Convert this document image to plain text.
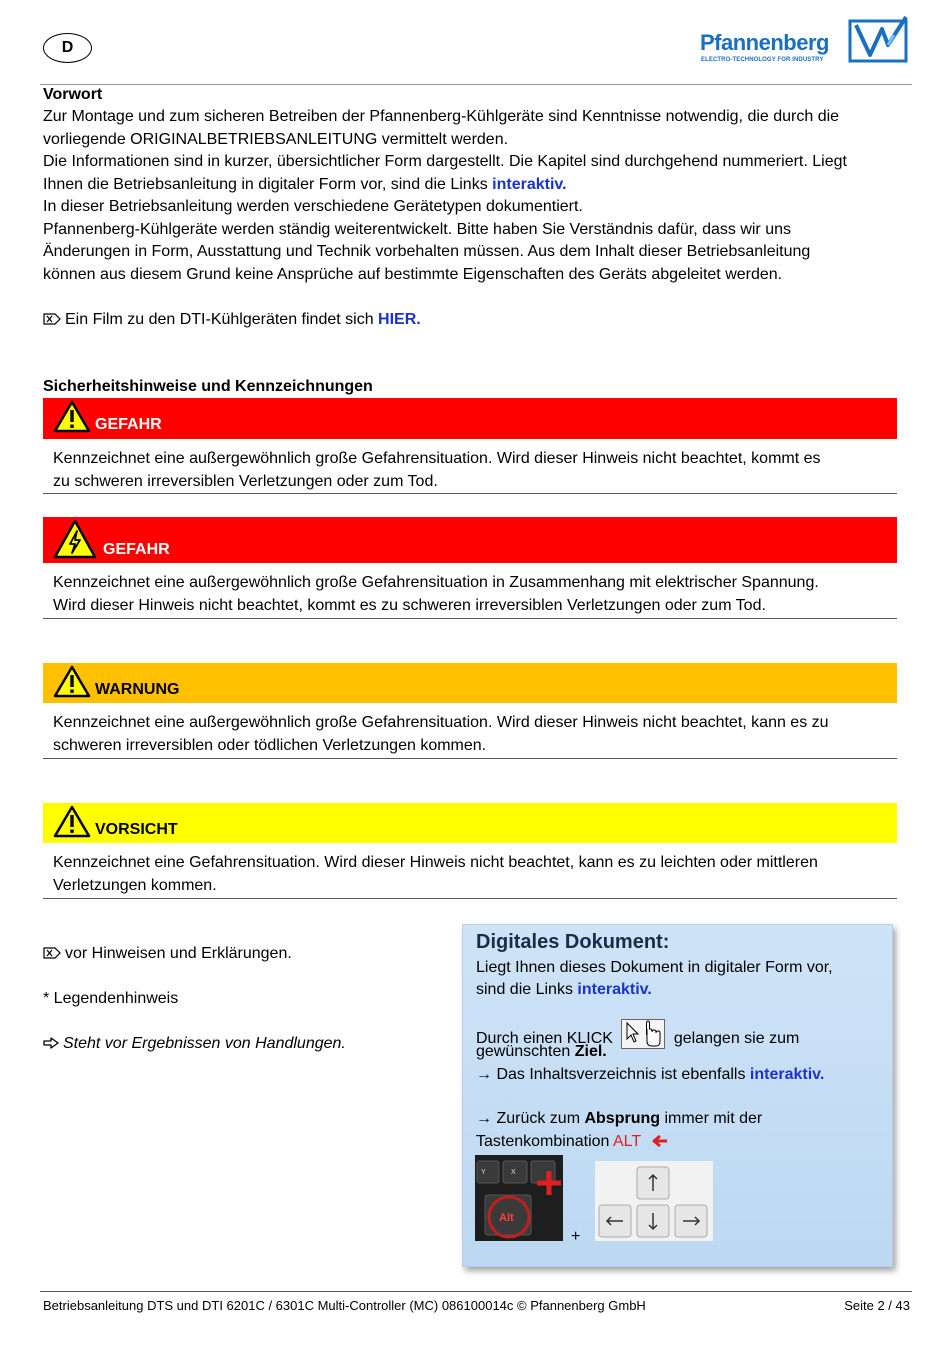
D	Pfannenberg
ELECTRO-TECHNOLOGY FOR INDUSTRY
Vorwort
Zur Montage und zum sicheren Betreiben der Pfannenberg-Kühlgeräte sind Kenntnisse notwendig, die durch die
vorliegende ORIGINALBETRIEBSANLEITUNG vermittelt werden.
Die Informationen sind in kurzer, übersichtlicher Form dargestellt. Die Kapitel sind durchgehend nummeriert. Liegt
Ihnen die Betriebsanleitung in digitaler Form vor, sind die Links interaktiv.
In dieser Betriebsanleitung werden verschiedene Gerätetypen dokumentiert.
Pfannenberg-Kühlgeräte werden ständig weiterentwickelt. Bitte haben Sie Verständnis dafür, dass wir uns
Änderungen in Form, Ausstattung und Technik vorbehalten müssen. Aus dem Inhalt dieser Betriebsanleitung
können aus diesem Grund keine Ansprüche auf bestimmte Eigenschaften des Geräts abgeleitet werden.
Ein Film zu den DTI-Kühlgeräten findet sich HIER.
Sicherheitshinweise und Kennzeichnungen
GEFAHR
Kennzeichnet eine außergewöhnlich große Gefahrensituation. Wird dieser Hinweis nicht beachtet, kommt es
zu schweren irreversiblen Verletzungen oder zum Tod.
GEFAHR
Kennzeichnet eine außergewöhnlich große Gefahrensituation in Zusammenhang mit elektrischer Spannung.
Wird dieser Hinweis nicht beachtet, kommt es zu schweren irreversiblen Verletzungen oder zum Tod.
WARNUNG
Kennzeichnet eine außergewöhnlich große Gefahrensituation. Wird dieser Hinweis nicht beachtet, kann es zu
schweren irreversiblen oder tödlichen Verletzungen kommen.
VORSICHT
Kennzeichnet eine Gefahrensituation. Wird dieser Hinweis nicht beachtet, kann es zu leichten oder mittleren
Verletzungen kommen.
vor Hinweisen und Erklärungen.
* Legendenhinweis
Steht vor Ergebnissen von Handlungen.
Digitales Dokument:
Liegt Ihnen dieses Dokument in digitaler Form vor,
sind die Links interaktiv.
Durch einen KLICK	gelangen sie zum
gewünschten Ziel.
→ Das Inhaltsverzeichnis ist ebenfalls interaktiv.
→ Zurück zum Absprung immer mit der
Tastenkombination ALT
Y	X
Alt
+
Betriebsanleitung DTS und DTI 6201C / 6301C Multi-Controller (MC) 086100014c © Pfannenberg GmbH	Seite 2 / 43
